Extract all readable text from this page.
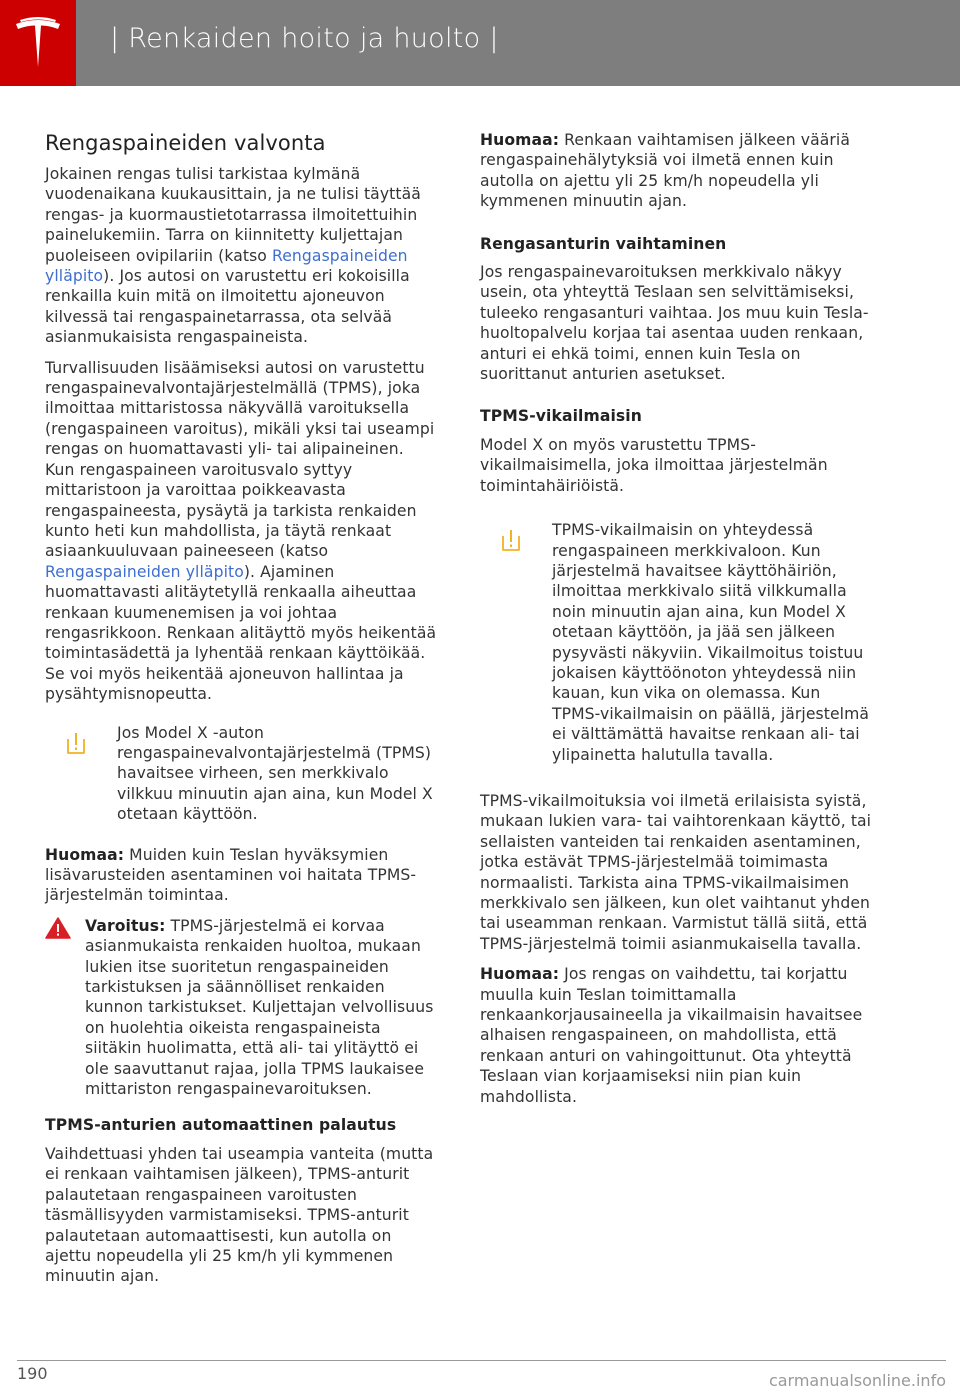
| Renkaiden hoito ja huolto |
Rengaspaineiden valvonta

Jokainen rengas tulisi tarkistaa kylmänä vuodenaikana kuukausittain, ja ne tulisi täyttää rengas- ja kuormaustietotarrassa ilmoitettuihin painelukemiin. Tarra on kiinnitetty kuljettajan puoleiseen ovipilariin (katso Rengaspaineiden ylläpito). Jos autosi on varustettu eri kokoisilla renkailla kuin mitä on ilmoitettu ajoneuvon kilvessä tai rengaspainetarrassa, ota selvää asianmukaisista rengaspaineista.

Turvallisuuden lisäämiseksi autosi on varustettu rengaspainevalvontajärjestelmällä (TPMS), joka ilmoittaa mittaristossa näkyvällä varoituksella (rengaspaineen varoitus), mikäli yksi tai useampi rengas on huomattavasti yli- tai alipaineinen. Kun rengaspaineen varoitusvalo syttyy mittaristoon ja varoittaa poikkeavasta rengaspaineesta, pysäytä ja tarkista renkaiden kunto heti kun mahdollista, ja täytä renkaat asiaankuuluvaan paineeseen (katso Rengaspaineiden ylläpito). Ajaminen huomattavasti alitäytetyllä renkaalla aiheuttaa renkaan kuumenemisen ja voi johtaa rengasrikkoon. Renkaan alitäyttö myös heikentää toimintasädettä ja lyhentää renkaan käyttöikää. Se voi myös heikentää ajoneuvon hallintaa ja pysähtymisnopeutta.

Jos Model X -auton rengaspainevalvontajärjestelmä (TPMS) havaitsee virheen, sen merkkivalo vilkkuu minuutin ajan aina, kun Model X otetaan käyttöön.

Huomaa: Muiden kuin Teslan hyväksymien lisävarusteiden asentaminen voi haitata TPMS-järjestelmän toimintaa.

Varoitus: TPMS-järjestelmä ei korvaa asianmukaista renkaiden huoltoa, mukaan lukien itse suoritetun rengaspaineiden tarkistuksen ja säännölliset renkaiden kunnon tarkistukset. Kuljettajan velvollisuus on huolehtia oikeista rengaspaineista siitäkin huolimatta, että ali- tai ylitäyttö ei ole saavuttanut rajaa, jolla TPMS laukaisee mittariston rengaspainevaroituksen.
TPMS-anturien automaattinen palautus

Vaihdettuasi yhden tai useampia vanteita (mutta ei renkaan vaihtamisen jälkeen), TPMS-anturit palautetaan rengaspaineen varoitusten täsmällisyyden varmistamiseksi. TPMS-anturit palautetaan automaattisesti, kun autolla on ajettu nopeudella yli 25 km/h yli kymmenen minuutin ajan.

Huomaa: Renkaan vaihtamisen jälkeen vääriä rengaspainehälytyksiä voi ilmetä ennen kuin autolla on ajettu yli 25 km/h nopeudella yli kymmenen minuutin ajan.

Rengasanturin vaihtaminen

Jos rengaspainevaroituksen merkkivalo näkyy usein, ota yhteyttä Teslaan sen selvittämiseksi, tuleeko rengasanturi vaihtaa. Jos muu kuin Tesla-huoltopalvelu korjaa tai asentaa uuden renkaan, anturi ei ehkä toimi, ennen kuin Tesla on suorittanut anturien asetukset.

TPMS-vikailmaisin

Model X on myös varustettu TPMS-vikailmaisimella, joka ilmoittaa järjestelmän toimintahäiriöistä.

TPMS-vikailmaisin on yhteydessä rengaspaineen merkkivaloon. Kun järjestelmä havaitsee käyttöhäiriön, ilmoittaa merkkivalo siitä vilkkumalla noin minuutin ajan aina, kun Model X otetaan käyttöön, ja jää sen jälkeen pysyvästi näkyviin. Vikailmoitus toistuu jokaisen käyttöönoton yhteydessä niin kauan, kun vika on olemassa. Kun TPMS-vikailmaisin on päällä, järjestelmä ei välttämättä havaitse renkaan ali- tai ylipainetta halutulla tavalla.

TPMS-vikailmoituksia voi ilmetä erilaisista syistä, mukaan lukien vara- tai vaihtorenkaan käyttö, tai sellaisten vanteiden tai renkaiden asentaminen, jotka estävät TPMS-järjestelmää toimimasta normaalisti. Tarkista aina TPMS-vikailmaisimen merkkivalo sen jälkeen, kun olet vaihtanut yhden tai useamman renkaan. Varmistut tällä siitä, että TPMS-järjestelmä toimii asianmukaisella tavalla.

Huomaa: Jos rengas on vaihdettu, tai korjattu muulla kuin Teslan toimittamalla renkaankorjausaineella ja vikailmaisin havaitsee alhaisen rengaspaineen, on mahdollista, että renkaan anturi on vahingoittunut. Ota yhteyttä Teslaan vian korjaamiseksi niin pian kuin mahdollista.

190	carmanualsonline.info
